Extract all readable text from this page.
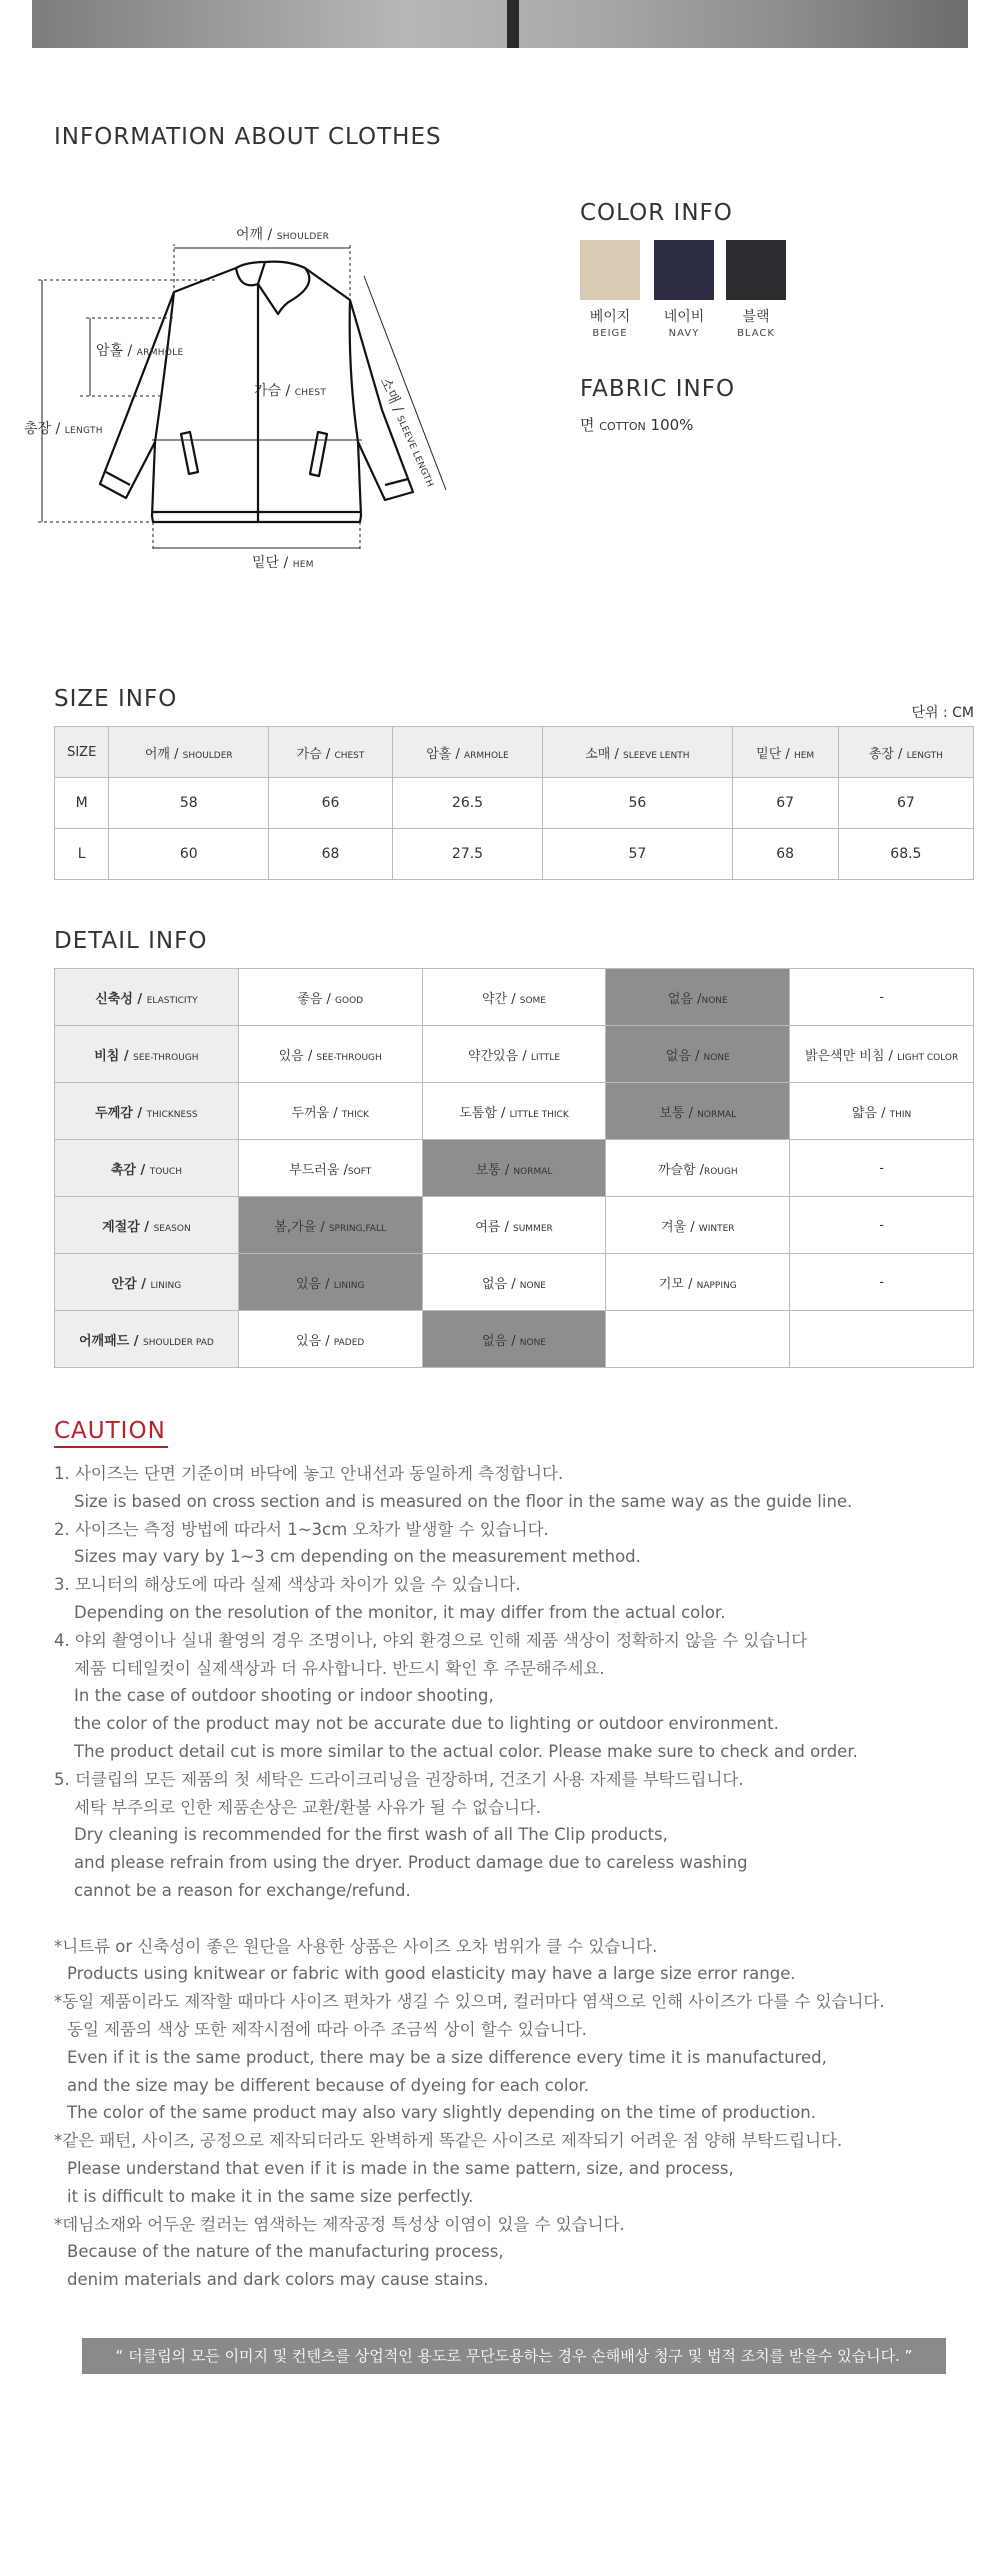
INFORMATION ABOUT CLOTHES
어깨 / SHOULDER
암홀 / ARMHOLE
가슴 / CHEST
총장 / LENGTH
소매 / SLEEVE LENGTH
밑단 / HEM
COLOR INFO
베이지
BEIGE
네이비
NAVY
블랙
BLACK
FABRIC INFO
면 COTTON 100%
SIZE INFO
단위 : CM
SIZE	어깨 / SHOULDER	가슴 / CHEST	암홀 / ARMHOLE	소매 / SLEEVE LENTH	밑단 / HEM	총장 / LENGTH
M	58	66	26.5	56	67	67
L	60	68	27.5	57	68	68.5
DETAIL INFO
신축성 / ELASTICITY	좋음 / GOOD	약간 / SOME	없음 /NONE	-
비침 / SEE-THROUGH	있음 / SEE-THROUGH	약간있음 / LITTLE	없음 / NONE	밝은색만 비침 / LIGHT COLOR
두께감 / THICKNESS	두꺼움 / THICK	도톰함 / LITTLE THICK	보통 / NORMAL	얇음 / THIN
촉감 / TOUCH	부드러움 /SOFT	보통 / NORMAL	까슬함 /ROUGH	-
계절감 / SEASON	봄,가을 / SPRING,FALL	여름 / SUMMER	겨울 / WINTER	-
안감 / LINING	있음 / LINING	없음 / NONE	기모 / NAPPING	-
어깨패드 / SHOULDER PAD	있음 / PADED	없음 / NONE		
CAUTION
1. 사이즈는 단면 기준이며 바닥에 놓고 안내선과 동일하게 측정합니다.
Size is based on cross section and is measured on the floor in the same way as the guide line.
2. 사이즈는 측정 방법에 따라서 1~3cm 오차가 발생할 수 있습니다.
Sizes may vary by 1~3 cm depending on the measurement method.
3. 모니터의 해상도에 따라 실제 색상과 차이가 있을 수 있습니다.
Depending on the resolution of the monitor, it may differ from the actual color.
4. 야외 촬영이나 실내 촬영의 경우 조명이나, 야외 환경으로 인해 제품 색상이 정확하지 않을 수 있습니다
제품 디테일컷이 실제색상과 더 유사합니다. 반드시 확인 후 주문해주세요.
In the case of outdoor shooting or indoor shooting,
the color of the product may not be accurate due to lighting or outdoor environment.
The product detail cut is more similar to the actual color. Please make sure to check and order.
5. 더클립의 모든 제품의 첫 세탁은 드라이크리닝을 권장하며, 건조기 사용 자제를 부탁드립니다.
세탁 부주의로 인한 제품손상은 교환/환불 사유가 될 수 없습니다.
Dry cleaning is recommended for the first wash of all The Clip products,
and please refrain from using the dryer. Product damage due to careless washing
cannot be a reason for exchange/refund.
*니트류 or 신축성이 좋은 원단을 사용한 상품은 사이즈 오차 범위가 클 수 있습니다.
Products using knitwear or fabric with good elasticity may have a large size error range.
*동일 제품이라도 제작할 때마다 사이즈 편차가 생길 수 있으며, 컬러마다 염색으로 인해 사이즈가 다를 수 있습니다.
동일 제품의 색상 또한 제작시점에 따라 아주 조금씩 상이 할수 있습니다.
Even if it is the same product, there may be a size difference every time it is manufactured,
and the size may be different because of dyeing for each color.
The color of the same product may also vary slightly depending on the time of production.
*같은 패턴, 사이즈, 공정으로 제작되더라도 완벽하게 똑같은 사이즈로 제작되기 어려운 점 양해 부탁드립니다.
Please understand that even if it is made in the same pattern, size, and process,
it is difficult to make it in the same size perfectly.
*데님소재와 어두운 컬러는 염색하는 제작공정 특성상 이염이 있을 수 있습니다.
Because of the nature of the manufacturing process,
denim materials and dark colors may cause stains.
“ 더클립의 모든 이미지 및 컨텐츠를 상업적인 용도로 무단도용하는 경우 손해배상 청구 및 법적 조치를 받을수 있습니다. ”
